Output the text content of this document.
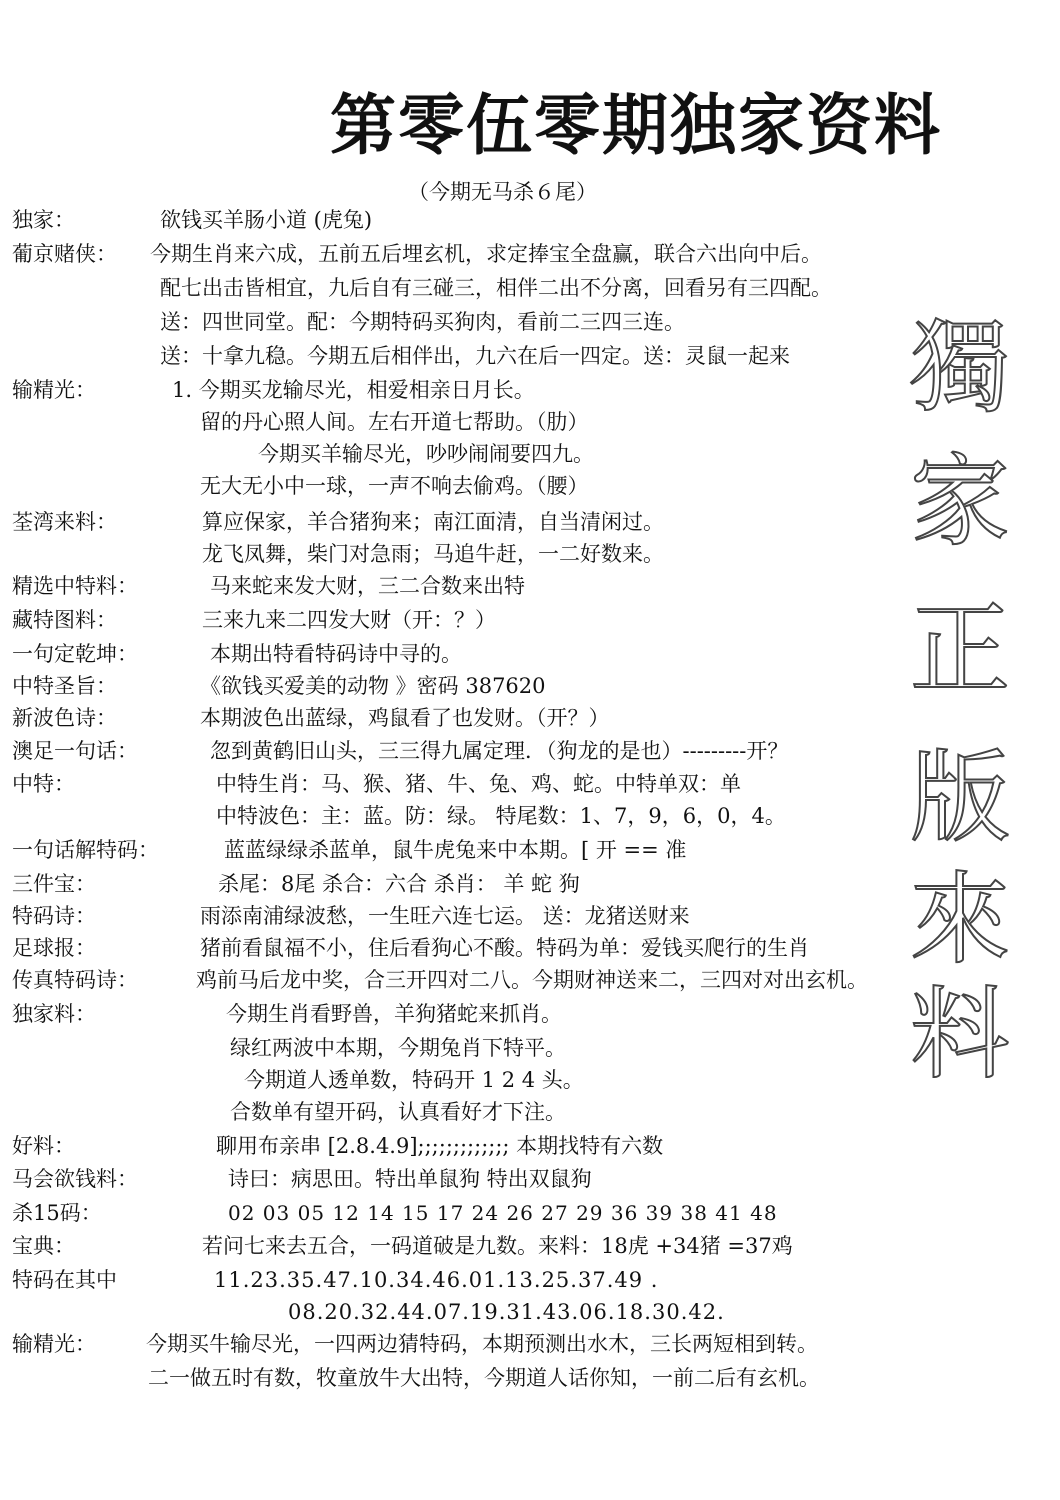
第零伍零期独家资料
（今期无马杀６尾）
獨
家
正
版
來
料
独家：	欲钱买羊肠小道 (虎兔)
葡京赌侠： 今期生肖来六成，五前五后埋玄机，求定捧宝全盘赢，联合六出向中后。
配七出击皆相宜，九后自有三碰三，相伴二出不分离，回看另有三四配。
送：四世同堂。配：今期特码买狗肉，看前二三四三连。
送：十拿九稳。今期五后相伴出，九六在后一四定。送：灵鼠一起来
输精光：	1. 今期买龙输尽光，相爱相亲日月长。
留的丹心照人间。左右开道七帮助。（肋）
今期买羊输尽光，吵吵闹闹要四九。
无大无小中一球，一声不响去偷鸡。（腰）
荃湾来料：	算应保家，羊合猪狗来；南江面清，自当清闲过。
龙飞凤舞，柴门对急雨；马追牛赶，一二好数来。
精选中特料：	马来蛇来发大财，三二合数来出特
藏特图料：	三来九来二四发大财（开：？）
一句定乾坤：	本期出特看特码诗中寻的。
中特圣旨：	《欲钱买爱美的动物 》密码 387620
新波色诗：	本期波色出蓝绿，鸡鼠看了也发财。（开？）
澳足一句话：	忽到黄鹤旧山头，三三得九属定理．（狗龙的是也）---------开？
中特：	中特生肖：马、猴、猪、牛、兔、鸡、蛇。中特单双：单
中特波色：主：蓝。防：绿。 特尾数：1、7，9，6，0，4。
一句话解特码：	蓝蓝绿绿杀蓝单，鼠牛虎兔来中本期。[ 开 == 准
三件宝：	杀尾：8尾 杀合：六合 杀肖： 羊 蛇 狗
特码诗：	雨添南浦绿波愁，一生旺六连七运。 送：龙猪送财来
足球报：	猪前看鼠福不小，住后看狗心不酸。特码为单：爱钱买爬行的生肖
传真特码诗：	鸡前马后龙中奖，合三开四对二八。今期财神送来二，三四对对出玄机。
独家料：	今期生肖看野兽，羊狗猪蛇来抓肖。
绿红两波中本期，今期兔肖下特平。
今期道人透单数，特码开 1 2 4 头。
合数单有望开码，认真看好才下注。
好料：	聊用布亲串 [2.8.4.9];;;;;;;;;;;;; 本期找特有六数
马会欲钱料：	诗曰：病思田。特出单鼠狗 特出双鼠狗
杀15码：	02 03 05 12 14 15 17 24 26 27 29 36 39 38 41 48
宝典：	若问七来去五合，一码道破是九数。来料：18虎 +34猪 =37鸡
特码在其中	11.23.35.47.10.34.46.01.13.25.37.49 .
08.20.32.44.07.19.31.43.06.18.30.42.
输精光： 今期买牛输尽光，一四两边猜特码，本期预测出水木，三长两短相到转。
二一做五时有数，牧童放牛大出特，今期道人话你知，一前二后有玄机。
